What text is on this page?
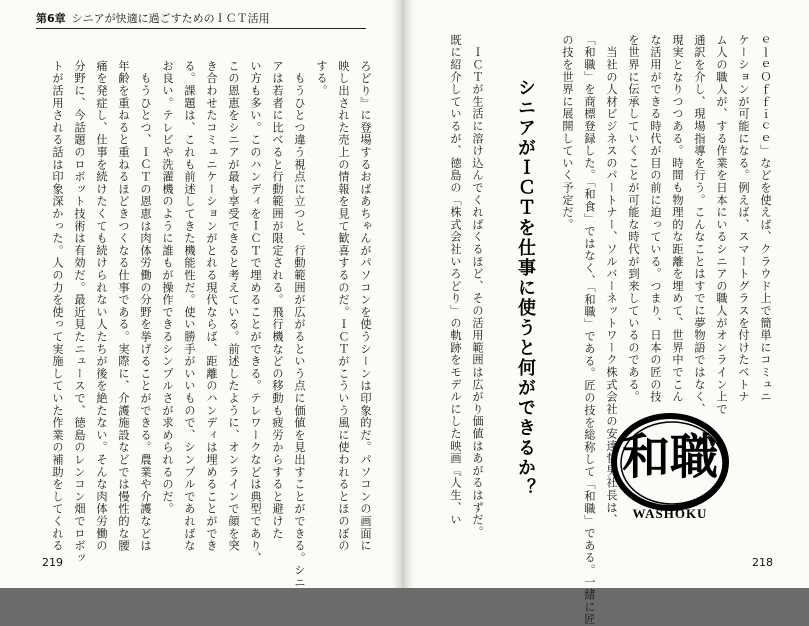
第6章 シニアが快適に過ごすためのＩＣＴ活用
ろどり』に登場するおばあちゃんがパソコンを使うシーンは印象的だ。パソコンの画面に
映し出された売上の情報を見て歓喜するのだ。ＩＣＴがこういう風に使われるとほのぼの
する。
　もうひとつ違う視点に立つと、行動範囲が広がるという点に価値を見出すことができる。シニ
アは若者に比べると行動範囲が限定される。飛行機などの移動も疲労からすると避けた
い方も多い。このハンディをＩＣＴで埋めることができる。テレワークなどは典型であり、
この恩恵をシニアが最も享受できると考えている。前述したように、オンラインで顔を突
き合わせたコミュニケーションがとれる現代ならば、距離のハンディは埋めることができ
る。課題は、これも前述してきた機能性だ。使い勝手がいいもので、シンプルであればな
お良い。テレビや洗濯機のように誰もが操作できるシンプルさが求められるのだ。
　もうひとつ、ＩＣＴの恩恵は肉体労働の分野を挙げることができる。農業や介護などは
年齢を重ねると重ねるほどきつくなる仕事である。実際に、介護施設などでは慢性的な腰
痛を発症し、仕事を続けたくても続けられない人たちが後を絶たない。そんな肉体労働の
分野に、今話題のロボット技術は有効だ。最近見たニュースで、徳島のレンコン畑でロボッ
トが活用される話は印象深かった。人の力を使って実施していた作業の補助をしてくれる
219
ｅｌｅＯｆｆｉｃｅ」などを使えば、クラウド上で簡単にコミュニ
ケーションが可能になる。例えば、スマートグラスを付けたベトナ
ム人の職人が、する作業を日本にいるシニアの職人がオンライン上で
通訳を介し、現場指導を行う。こんなことはすでに夢物語ではなく、
現実となりつつある。時間も物理的な距離を埋めて、世界中でこん
な活用ができる時代が目の前に迫っている。つまり、日本の匠の技
を世界に伝承していくことが可能な時代が到来しているのである。
　当社の人材ビジネスのパートナー、ソルバーネットワーク株式会社の安達哲男社長は、
「和職」を商標登録した。「和食」ではなく、「和職」である。匠の技を総称して「和職」である。一緒に匠
の技を世界に展開していく予定だ。
シニアがＩＣＴを仕事に使うと何ができるか？
　ＩＣＴが生活に溶け込んでくればくるほど、その活用範囲は広がり価値はあがるはずだ。
既に紹介しているが、徳島の「株式会社いろどり」の軌跡をモデルにした映画『人生、い	和職
WASHOKU
218
